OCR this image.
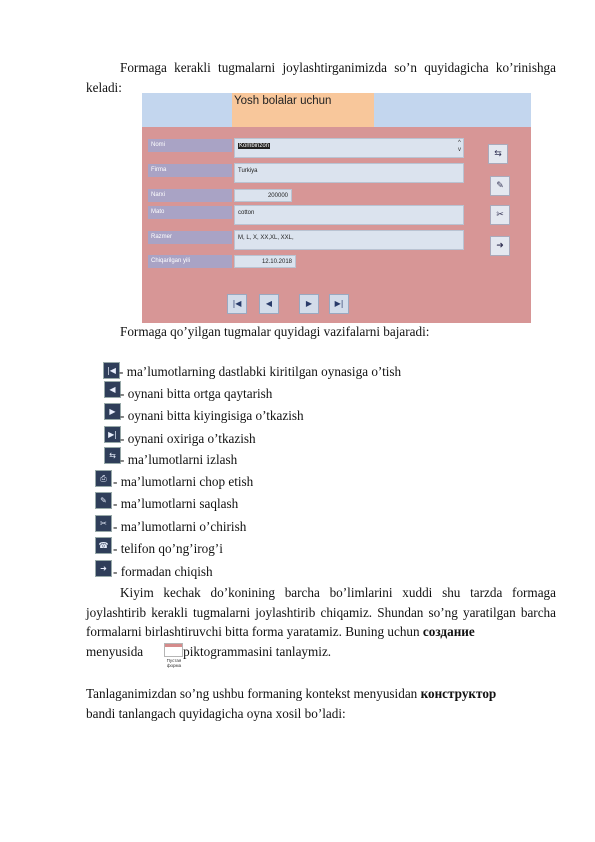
Formaga kerakli tugmalarni joylashtirganimizda so’n quyidagicha ko’rinishga keladi:
Yosh bolalar uchun
Nomi	Kombinzon	^
v
Firma	Turkiya
Narxi	200000
Mato	cotton
Razmer	M, L, X, XX,XL, XXL,
Chiqarilgan yili	12.10.2018
⇆
✎
✂
➜
|◀	◀	▶	▶|
Formaga qo’yilgan tugmalar quyidagi vazifalarni bajaradi:
|◀ - ma’lumotlarning dastlabki kiritilgan oynasiga o’tish
◀ - oynani bitta ortga qaytarish
▶ - oynani bitta kiyingisiga o’tkazish
▶| - oynani oxiriga o’tkazish
⇆ - ma’lumotlarni izlash
⎙ - ma’lumotlarni chop etish
✎ - ma’lumotlarni saqlash
✂ - ma’lumotlarni o’chirish
☎ - telifon qo’ng’irog’i
➜ - formadan chiqish
Kiyim kechak do’konining barcha bo’limlarini xuddi shu tarzda formaga joylashtirib kerakli tugmalarni joylashtirib chiqamiz. Shundan so’ng yaratilgan barcha formalarni birlashtiruvchi bitta forma yaratamiz. Buning uchun создание
menyusida	piktogrammasini tanlaymiz.
Пустая форма
Tanlaganimizdan so’ng ushbu formaning kontekst menyusidan конструктор
bandi tanlangach quyidagicha oyna xosil bo’ladi:
